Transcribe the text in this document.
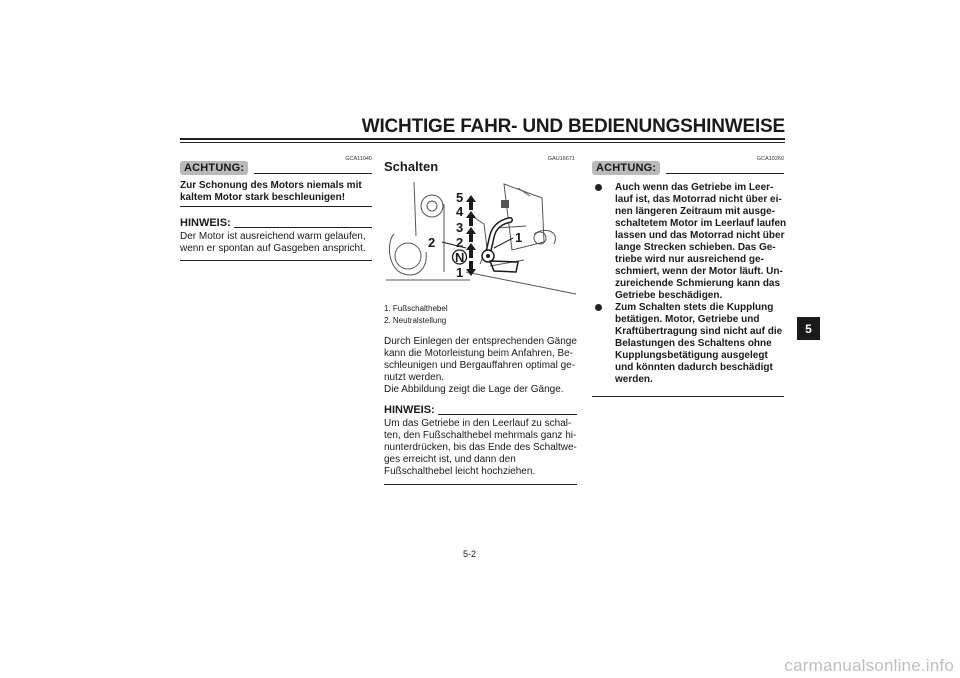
WICHTIGE FAHR- UND BEDIENUNGSHINWEISE
GCA11040
ACHTUNG:
Zur Schonung des Motors niemals mit
kaltem Motor stark beschleunigen!
HINWEIS:
Der Motor ist ausreichend warm gelaufen,
wenn er spontan auf Gasgeben anspricht.
GAU16671
Schalten
5
4
3
2
2
N
1
1
1. Fußschalthebel
2. Neutralstellung
Durch Einlegen der entsprechenden Gänge
kann die Motorleistung beim Anfahren, Be-
schleunigen und Bergauffahren optimal ge-
nutzt werden.
Die Abbildung zeigt die Lage der Gänge.
HINWEIS:
Um das Getriebe in den Leerlauf zu schal-
ten, den Fußschalthebel mehrmals ganz hi-
nunterdrücken, bis das Ende des Schaltwe-
ges erreicht ist, und dann den
Fußschalthebel leicht hochziehen.
GCA10260
ACHTUNG:
Auch wenn das Getriebe im Leer-
lauf ist, das Motorrad nicht über ei-
nen längeren Zeitraum mit ausge-
schaltetem Motor im Leerlauf laufen
lassen und das Motorrad nicht über
lange Strecken schieben. Das Ge-
triebe wird nur ausreichend ge-
schmiert, wenn der Motor läuft. Un-
zureichende Schmierung kann das
Getriebe beschädigen.
Zum Schalten stets die Kupplung
betätigen. Motor, Getriebe und
Kraftübertragung sind nicht auf die
Belastungen des Schaltens ohne
Kupplungsbetätigung ausgelegt
und könnten dadurch beschädigt
werden.
5
5-2
carmanualsonline.info
